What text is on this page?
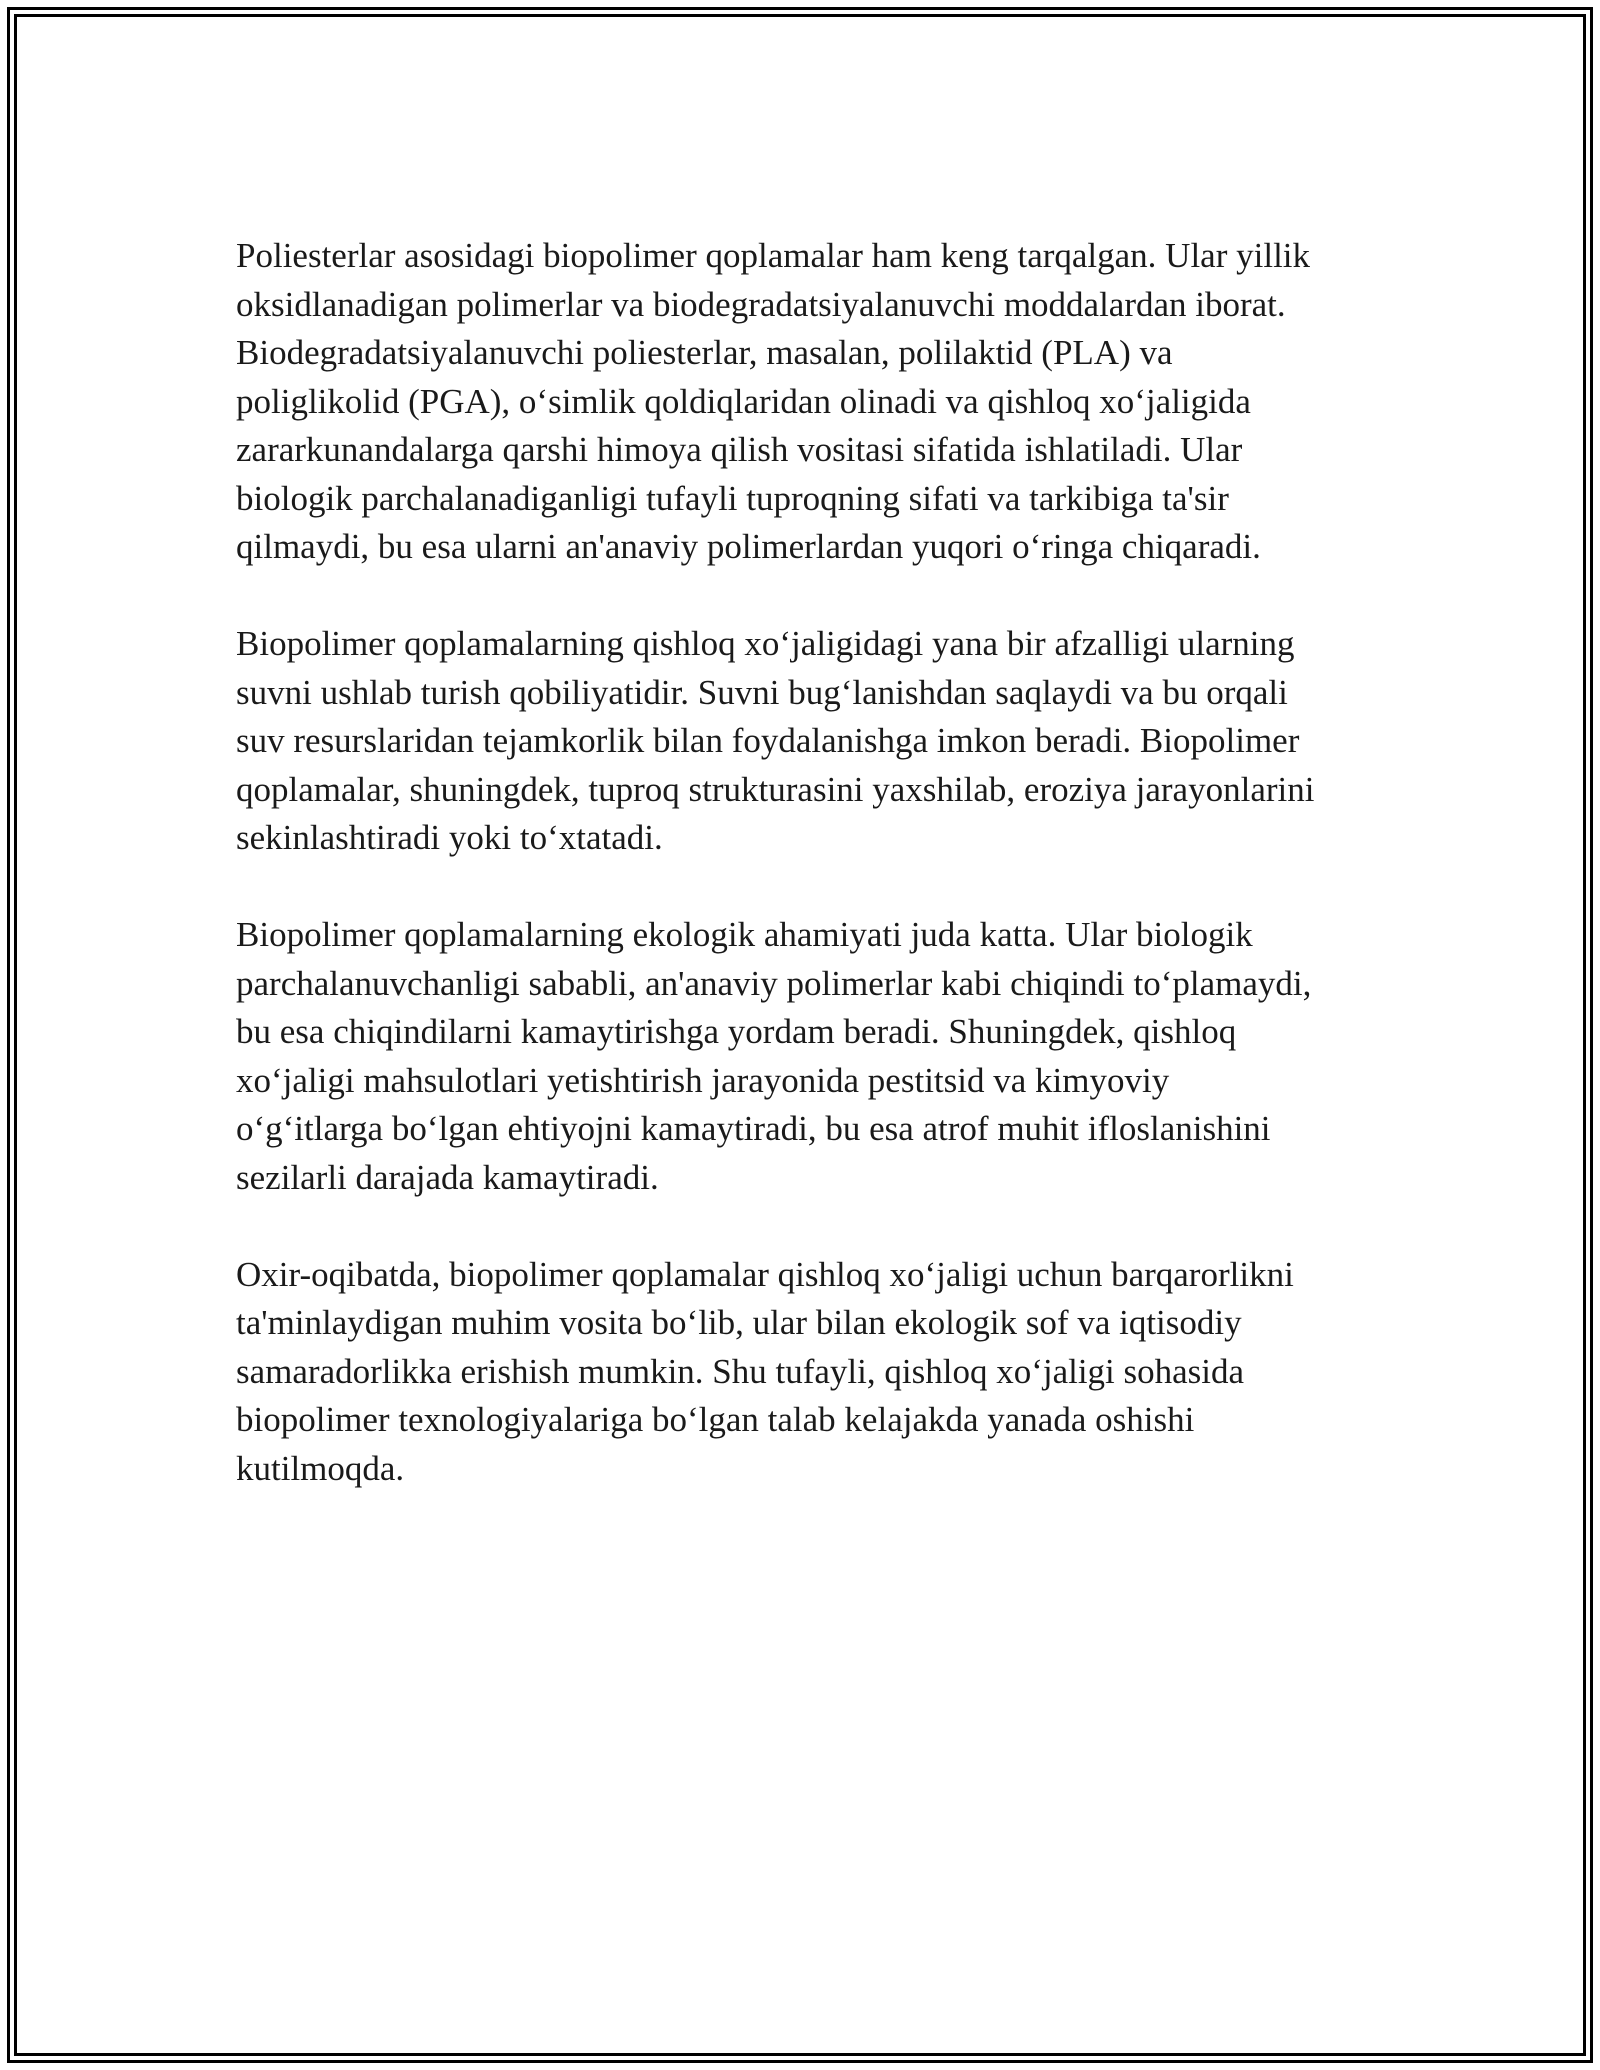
Poliesterlar asosidagi biopolimer qoplamalar ham keng tarqalgan. Ular yillik
oksidlanadigan polimerlar va biodegradatsiyalanuvchi moddalardan iborat.
Biodegradatsiyalanuvchi poliesterlar, masalan, polilaktid (PLA) va
poliglikolid (PGA), o‘simlik qoldiqlaridan olinadi va qishloq xo‘jaligida
zararkunandalarga qarshi himoya qilish vositasi sifatida ishlatiladi. Ular
biologik parchalanadiganligi tufayli tuproqning sifati va tarkibiga ta'sir
qilmaydi, bu esa ularni an'anaviy polimerlardan yuqori o‘ringa chiqaradi.

Biopolimer qoplamalarning qishloq xo‘jaligidagi yana bir afzalligi ularning
suvni ushlab turish qobiliyatidir. Suvni bug‘lanishdan saqlaydi va bu orqali
suv resurslaridan tejamkorlik bilan foydalanishga imkon beradi. Biopolimer
qoplamalar, shuningdek, tuproq strukturasini yaxshilab, eroziya jarayonlarini
sekinlashtiradi yoki to‘xtatadi.

Biopolimer qoplamalarning ekologik ahamiyati juda katta. Ular biologik
parchalanuvchanligi sababli, an'anaviy polimerlar kabi chiqindi to‘plamaydi,
bu esa chiqindilarni kamaytirishga yordam beradi. Shuningdek, qishloq
xo‘jaligi mahsulotlari yetishtirish jarayonida pestitsid va kimyoviy
o‘g‘itlarga bo‘lgan ehtiyojni kamaytiradi, bu esa atrof muhit ifloslanishini
sezilarli darajada kamaytiradi.

Oxir-oqibatda, biopolimer qoplamalar qishloq xo‘jaligi uchun barqarorlikni
ta'minlaydigan muhim vosita bo‘lib, ular bilan ekologik sof va iqtisodiy
samaradorlikka erishish mumkin. Shu tufayli, qishloq xo‘jaligi sohasida
biopolimer texnologiyalariga bo‘lgan talab kelajakda yanada oshishi
kutilmoqda.
